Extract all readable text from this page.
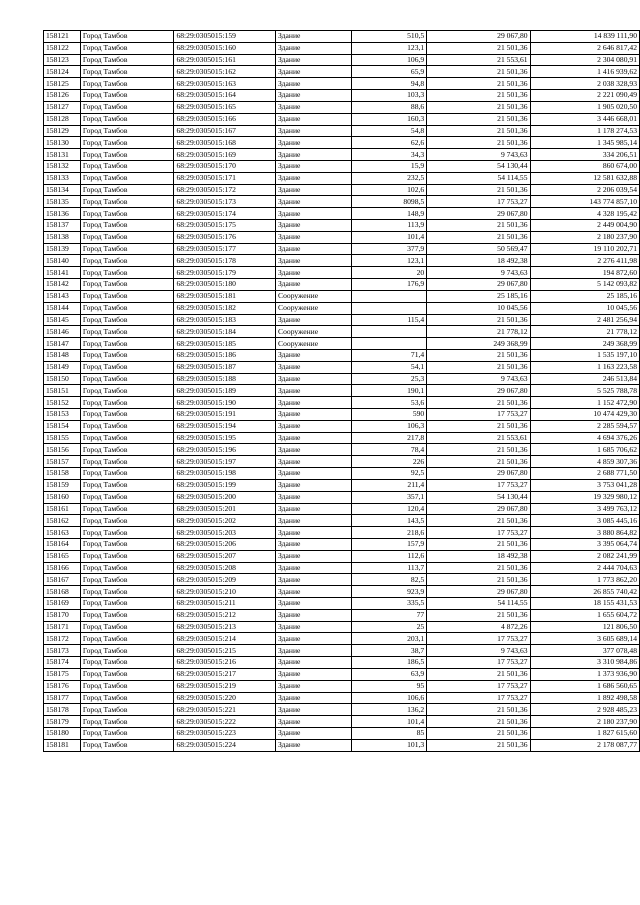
158121	Город Тамбов	68:29:0305015:159	Здание	510,5	29 067,80	14 839 111,90
158122	Город Тамбов	68:29:0305015:160	Здание	123,1	21 501,36	2 646 817,42
158123	Город Тамбов	68:29:0305015:161	Здание	106,9	21 553,61	2 304 080,91
158124	Город Тамбов	68:29:0305015:162	Здание	65,9	21 501,36	1 416 939,62
158125	Город Тамбов	68:29:0305015:163	Здание	94,8	21 501,36	2 038 328,93
158126	Город Тамбов	68:29:0305015:164	Здание	103,3	21 501,36	2 221 090,49
158127	Город Тамбов	68:29:0305015:165	Здание	88,6	21 501,36	1 905 020,50
158128	Город Тамбов	68:29:0305015:166	Здание	160,3	21 501,36	3 446 668,01
158129	Город Тамбов	68:29:0305015:167	Здание	54,8	21 501,36	1 178 274,53
158130	Город Тамбов	68:29:0305015:168	Здание	62,6	21 501,36	1 345 985,14
158131	Город Тамбов	68:29:0305015:169	Здание	34,3	9 743,63	334 206,51
158132	Город Тамбов	68:29:0305015:170	Здание	15,9	54 130,44	860 674,00
158133	Город Тамбов	68:29:0305015:171	Здание	232,5	54 114,55	12 581 632,88
158134	Город Тамбов	68:29:0305015:172	Здание	102,6	21 501,36	2 206 039,54
158135	Город Тамбов	68:29:0305015:173	Здание	8098,5	17 753,27	143 774 857,10
158136	Город Тамбов	68:29:0305015:174	Здание	148,9	29 067,80	4 328 195,42
158137	Город Тамбов	68:29:0305015:175	Здание	113,9	21 501,36	2 449 004,90
158138	Город Тамбов	68:29:0305015:176	Здание	101,4	21 501,36	2 180 237,90
158139	Город Тамбов	68:29:0305015:177	Здание	377,9	50 569,47	19 110 202,71
158140	Город Тамбов	68:29:0305015:178	Здание	123,1	18 492,38	2 276 411,98
158141	Город Тамбов	68:29:0305015:179	Здание	20	9 743,63	194 872,60
158142	Город Тамбов	68:29:0305015:180	Здание	176,9	29 067,80	5 142 093,82
158143	Город Тамбов	68:29:0305015:181	Сооружение		25 185,16	25 185,16
158144	Город Тамбов	68:29:0305015:182	Сооружение		10 045,56	10 045,56
158145	Город Тамбов	68:29:0305015:183	Здание	115,4	21 501,36	2 481 256,94
158146	Город Тамбов	68:29:0305015:184	Сооружение		21 778,12	21 778,12
158147	Город Тамбов	68:29:0305015:185	Сооружение		249 368,99	249 368,99
158148	Город Тамбов	68:29:0305015:186	Здание	71,4	21 501,36	1 535 197,10
158149	Город Тамбов	68:29:0305015:187	Здание	54,1	21 501,36	1 163 223,58
158150	Город Тамбов	68:29:0305015:188	Здание	25,3	9 743,63	246 513,84
158151	Город Тамбов	68:29:0305015:189	Здание	190,1	29 067,80	5 525 788,78
158152	Город Тамбов	68:29:0305015:190	Здание	53,6	21 501,36	1 152 472,90
158153	Город Тамбов	68:29:0305015:191	Здание	590	17 753,27	10 474 429,30
158154	Город Тамбов	68:29:0305015:194	Здание	106,3	21 501,36	2 285 594,57
158155	Город Тамбов	68:29:0305015:195	Здание	217,8	21 553,61	4 694 376,26
158156	Город Тамбов	68:29:0305015:196	Здание	78,4	21 501,36	1 685 706,62
158157	Город Тамбов	68:29:0305015:197	Здание	226	21 501,36	4 859 307,36
158158	Город Тамбов	68:29:0305015:198	Здание	92,5	29 067,80	2 688 771,50
158159	Город Тамбов	68:29:0305015:199	Здание	211,4	17 753,27	3 753 041,28
158160	Город Тамбов	68:29:0305015:200	Здание	357,1	54 130,44	19 329 980,12
158161	Город Тамбов	68:29:0305015:201	Здание	120,4	29 067,80	3 499 763,12
158162	Город Тамбов	68:29:0305015:202	Здание	143,5	21 501,36	3 085 445,16
158163	Город Тамбов	68:29:0305015:203	Здание	218,6	17 753,27	3 880 864,82
158164	Город Тамбов	68:29:0305015:206	Здание	157,9	21 501,36	3 395 064,74
158165	Город Тамбов	68:29:0305015:207	Здание	112,6	18 492,38	2 082 241,99
158166	Город Тамбов	68:29:0305015:208	Здание	113,7	21 501,36	2 444 704,63
158167	Город Тамбов	68:29:0305015:209	Здание	82,5	21 501,36	1 773 862,20
158168	Город Тамбов	68:29:0305015:210	Здание	923,9	29 067,80	26 855 740,42
158169	Город Тамбов	68:29:0305015:211	Здание	335,5	54 114,55	18 155 431,53
158170	Город Тамбов	68:29:0305015:212	Здание	77	21 501,36	1 655 604,72
158171	Город Тамбов	68:29:0305015:213	Здание	25	4 872,26	121 806,50
158172	Город Тамбов	68:29:0305015:214	Здание	203,1	17 753,27	3 605 689,14
158173	Город Тамбов	68:29:0305015:215	Здание	38,7	9 743,63	377 078,48
158174	Город Тамбов	68:29:0305015:216	Здание	186,5	17 753,27	3 310 984,86
158175	Город Тамбов	68:29:0305015:217	Здание	63,9	21 501,36	1 373 936,90
158176	Город Тамбов	68:29:0305015:219	Здание	95	17 753,27	1 686 560,65
158177	Город Тамбов	68:29:0305015:220	Здание	106,6	17 753,27	1 892 498,58
158178	Город Тамбов	68:29:0305015:221	Здание	136,2	21 501,36	2 928 485,23
158179	Город Тамбов	68:29:0305015:222	Здание	101,4	21 501,36	2 180 237,90
158180	Город Тамбов	68:29:0305015:223	Здание	85	21 501,36	1 827 615,60
158181	Город Тамбов	68:29:0305015:224	Здание	101,3	21 501,36	2 178 087,77
